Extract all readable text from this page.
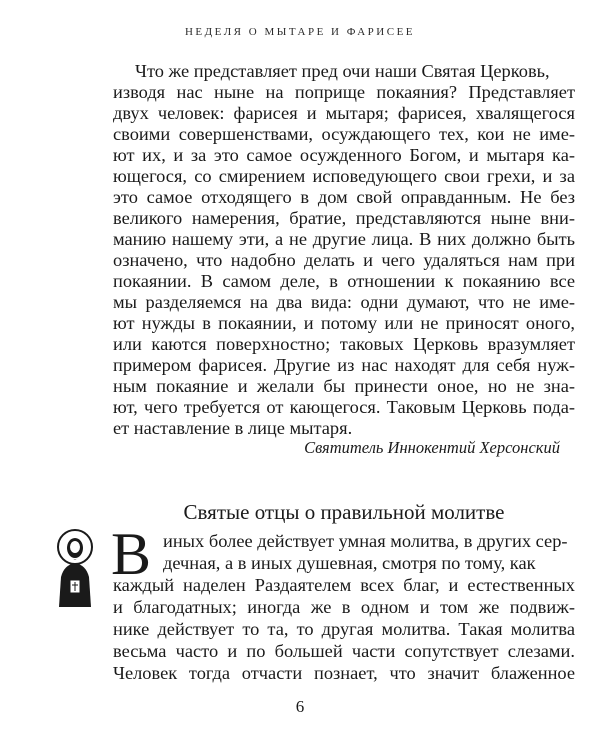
НЕДЕЛЯ О МЫТАРЕ И ФАРИСЕЕ
Что же представляет пред очи наши Святая Церковь,
изводя нас ныне на поприще покаяния? Представляет
двух человек: фарисея и мытаря; фарисея, хвалящегося
своими совершенствами, осуждающего тех, кои не име-
ют их, и за это самое осужденного Богом, и мытаря ка-
ющегося, со смирением исповедующего свои грехи, и за
это самое отходящего в дом свой оправданным. Не без
великого намерения, братие, представляются ныне вни-
манию нашему эти, а не другие лица. В них должно быть
означено, что надобно делать и чего удаляться нам при
покаянии. В самом деле, в отношении к покаянию все
мы разделяемся на два вида: одни думают, что не име-
ют нужды в покаянии, и потому или не приносят оного,
или каются поверхностно; таковых Церковь вразумляет
примером фарисея. Другие из нас находят для себя нуж-
ным покаяние и желали бы принести оное, но не зна-
ют, чего требуется от кающегося. Таковым Церковь пода-
ет наставление в лице мытаря.
Святитель Иннокентий Херсонский
Святые отцы о правильной молитве
В иных более действует умная молитва, в других сер-
дечная, а в иных душевная, смотря по тому, как
каждый наделен Раздаятелем всех благ, и естественных
и благодатных; иногда же в одном и том же подвиж-
нике действует то та, то другая молитва. Такая молитва
весьма часто и по большей части сопутствует слезами.
Человек тогда отчасти познает, что значит блаженное
6
